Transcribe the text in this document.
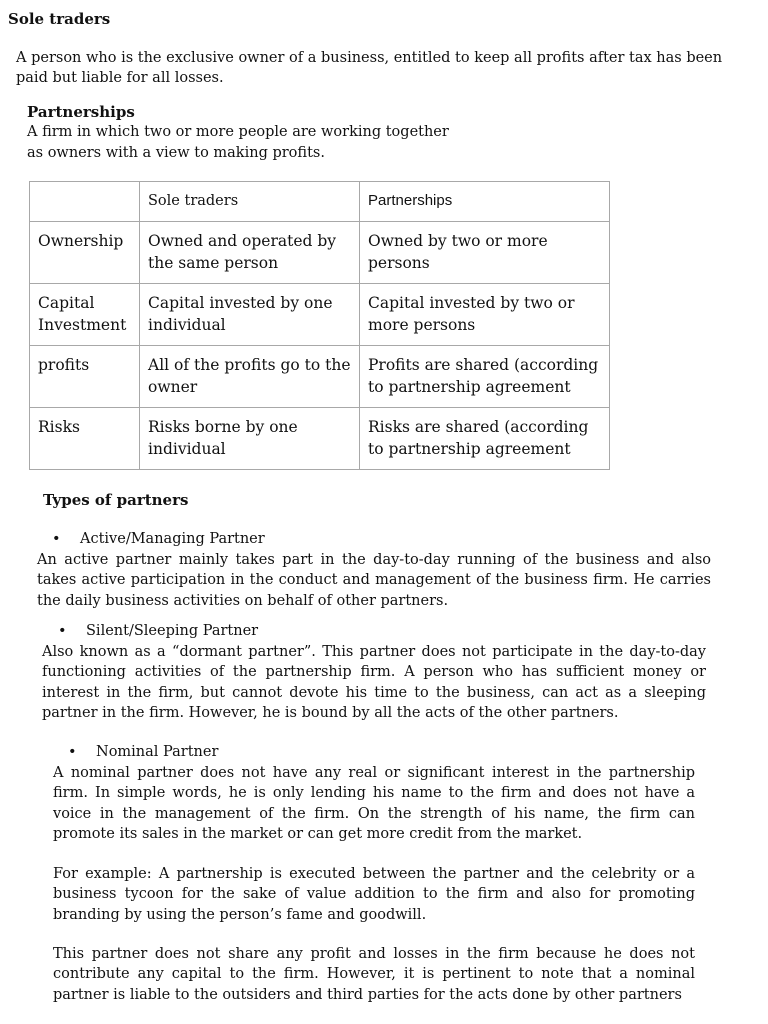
Sole traders

A person who is the exclusive owner of a business, entitled to keep all profits after tax has been paid but liable for all losses.

Partnerships

A firm in which two or more people are working together as owners with a view to making profits.

	Sole traders	Partnerships
Ownership	Owned and operated by the same person	Owned by two or more persons
Capital Investment	Capital invested by one individual	Capital invested by two or more persons
profits	All of the profits go to the owner	Profits are shared (according to partnership agreement
Risks	Risks borne by one individual	Risks are shared (according to partnership agreement
Types of partners
• Active/Managing Partner

An active partner mainly takes part in the day-to-day running of the business and also takes active participation in the conduct and management of the business firm. He carries the daily business activities on behalf of other partners.

• Silent/Sleeping Partner

Also known as a “dormant partner”. This partner does not participate in the day-to-day functioning activities of the partnership firm. A person who has sufficient money or interest in the firm, but cannot devote his time to the business, can act as a sleeping partner in the firm. However, he is bound by all the acts of the other partners.

• Nominal Partner

A nominal partner does not have any real or significant interest in the partnership firm. In simple words, he is only lending his name to the firm and does not have a voice in the management of the firm. On the strength of his name, the firm can promote its sales in the market or can get more credit from the market.

For example: A partnership is executed between the partner and the celebrity or a business tycoon for the sake of value addition to the firm and also for promoting branding by using the person’s fame and goodwill.

This partner does not share any profit and losses in the firm because he does not contribute any capital to the firm. However, it is pertinent to note that a nominal partner is liable to the outsiders and third parties for the acts done by other partners
